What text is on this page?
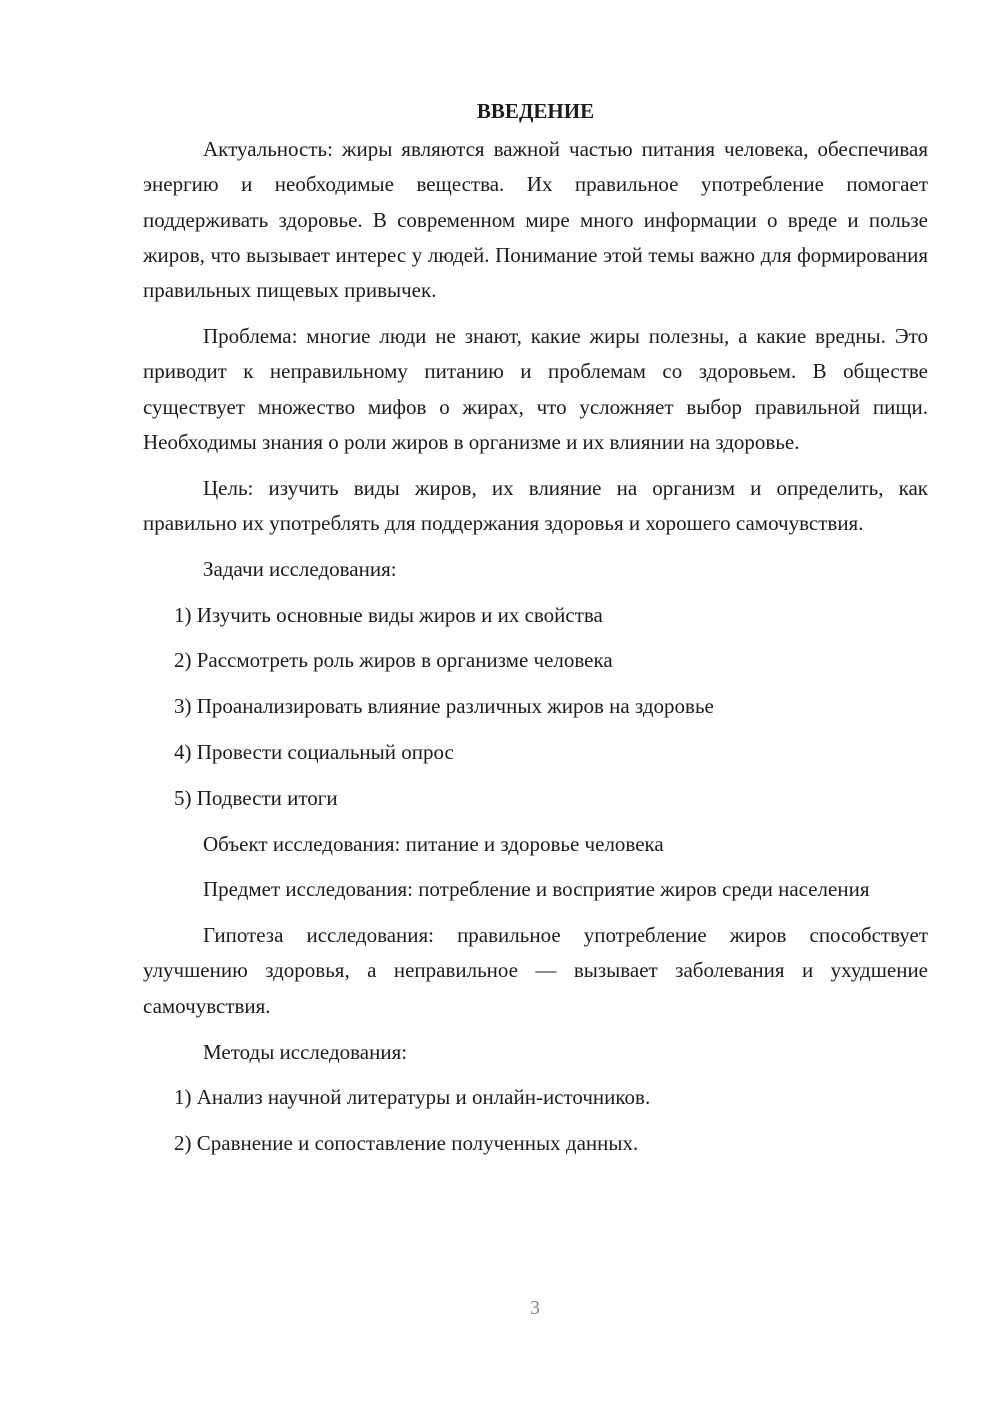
ВВЕДЕНИЕ

Актуальность: жиры являются важной частью питания человека, обеспечивая энергию и необходимые вещества. Их правильное употребление помогает поддерживать здоровье. В современном мире много информации о вреде и пользе жиров, что вызывает интерес у людей. Понимание этой темы важно для формирования правильных пищевых привычек.

Проблема: многие люди не знают, какие жиры полезны, а какие вредны. Это приводит к неправильному питанию и проблемам со здоровьем. В обществе существует множество мифов о жирах, что усложняет выбор правильной пищи. Необходимы знания о роли жиров в организме и их влиянии на здоровье.

Цель: изучить виды жиров, их влияние на организм и определить, как правильно их употреблять для поддержания здоровья и хорошего самочувствия.

Задачи исследования:

1) Изучить основные виды жиров и их свойства

2) Рассмотреть роль жиров в организме человека

3) Проанализировать влияние различных жиров на здоровье

4) Провести социальный опрос

5) Подвести итоги

Объект исследования: питание и здоровье человека

Предмет исследования: потребление и восприятие жиров среди населения

Гипотеза исследования: правильное употребление жиров способствует улучшению здоровья, а неправильное — вызывает заболевания и ухудшение самочувствия.

Методы исследования:

1) Анализ научной литературы и онлайн-источников.

2) Сравнение и сопоставление полученных данных.

3
